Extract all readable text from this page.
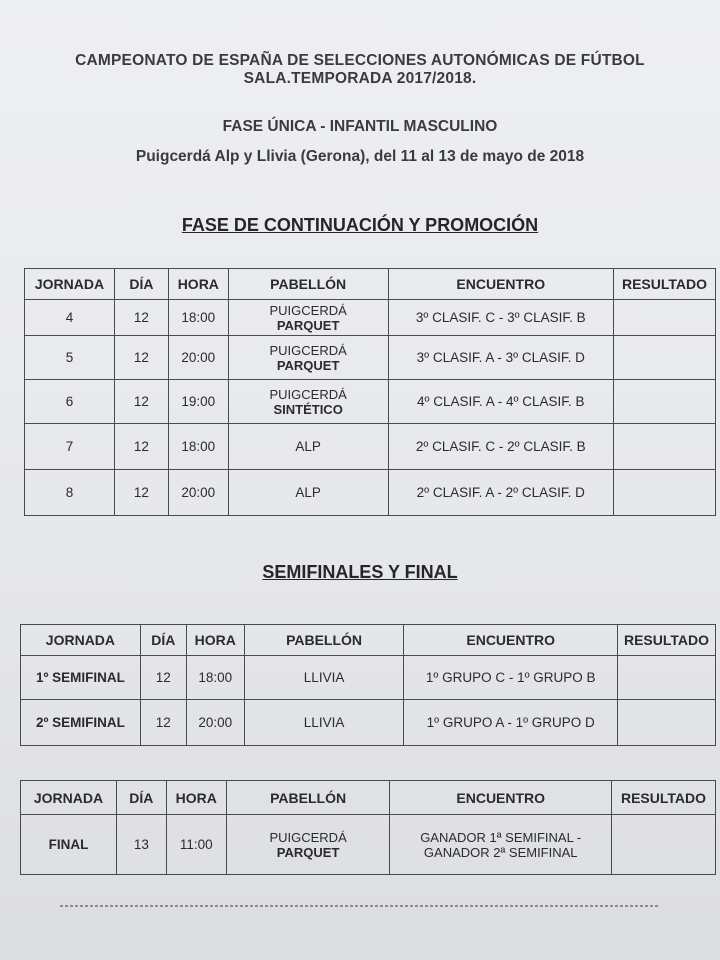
CAMPEONATO DE ESPAÑA DE SELECCIONES AUTONÓMICAS DE FÚTBOL SALA.TEMPORADA 2017/2018.
FASE ÚNICA - INFANTIL MASCULINO
Puigcerdá Alp y Llivia (Gerona), del 11 al 13 de mayo de 2018
FASE DE CONTINUACIÓN Y PROMOCIÓN
JORNADA	DÍA	HORA	PABELLÓN	ENCUENTRO	RESULTADO
4	12	18:00	PUIGCERDÁ
PARQUET	3º CLASIF. C - 3º CLASIF. B	
5	12	20:00	PUIGCERDÁ
PARQUET	3º CLASIF. A - 3º CLASIF. D	
6	12	19:00	PUIGCERDÁ
SINTÉTICO	4º CLASIF. A - 4º CLASIF. B	
7	12	18:00	ALP	2º CLASIF. C - 2º CLASIF. B	
8	12	20:00	ALP	2º CLASIF. A - 2º CLASIF. D	
SEMIFINALES Y FINAL
JORNADA	DÍA	HORA	PABELLÓN	ENCUENTRO	RESULTADO
1º SEMIFINAL	12	18:00	LLIVIA	1º GRUPO C - 1º GRUPO B	
2º SEMIFINAL	12	20:00	LLIVIA	1º GRUPO A - 1º GRUPO D	
JORNADA	DÍA	HORA	PABELLÓN	ENCUENTRO	RESULTADO
FINAL	13	11:00	PUIGCERDÁ
PARQUET	GANADOR 1ª SEMIFINAL -
GANADOR 2ª SEMIFINAL	
